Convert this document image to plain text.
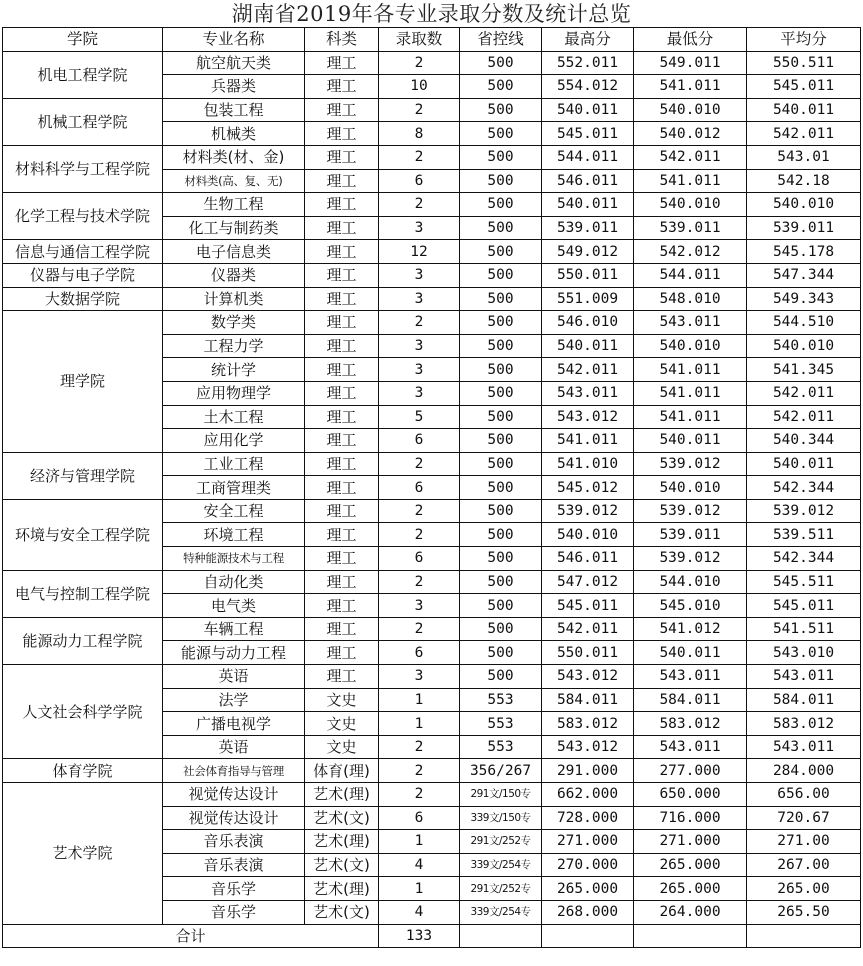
湖南省2019年各专业录取分数及统计总览
学院	专业名称	科类	录取数	省控线	最高分	最低分	平均分
机电工程学院	航空航天类	理工	2	500	552.011	549.011	550.511
	兵器类	理工	10	500	554.012	541.011	545.011
机械工程学院	包装工程	理工	2	500	540.011	540.010	540.011
	机械类	理工	8	500	545.011	540.012	542.011
材料科学与工程学院	材料类(材、金)	理工	2	500	544.011	542.011	543.01
	材料类(高、复、无)	理工	6	500	546.011	541.011	542.18
化学工程与技术学院	生物工程	理工	2	500	540.011	540.010	540.010
	化工与制药类	理工	3	500	539.011	539.011	539.011
信息与通信工程学院	电子信息类	理工	12	500	549.012	542.012	545.178
仪器与电子学院	仪器类	理工	3	500	550.011	544.011	547.344
大数据学院	计算机类	理工	3	500	551.009	548.010	549.343
理学院	数学类	理工	2	500	546.010	543.011	544.510
	工程力学	理工	3	500	540.011	540.010	540.010
	统计学	理工	3	500	542.011	541.011	541.345
	应用物理学	理工	3	500	543.011	541.011	542.011
	土木工程	理工	5	500	543.012	541.011	542.011
	应用化学	理工	6	500	541.011	540.011	540.344
经济与管理学院	工业工程	理工	2	500	541.010	539.012	540.011
	工商管理类	理工	6	500	545.012	540.010	542.344
环境与安全工程学院	安全工程	理工	2	500	539.012	539.012	539.012
	环境工程	理工	2	500	540.010	539.011	539.511
	特种能源技术与工程	理工	6	500	546.011	539.012	542.344
电气与控制工程学院	自动化类	理工	2	500	547.012	544.010	545.511
	电气类	理工	3	500	545.011	545.010	545.011
能源动力工程学院	车辆工程	理工	2	500	542.011	541.012	541.511
	能源与动力工程	理工	6	500	550.011	540.011	543.010
人文社会科学学院	英语	理工	3	500	543.012	543.011	543.011
	法学	文史	1	553	584.011	584.011	584.011
	广播电视学	文史	1	553	583.012	583.012	583.012
	英语	文史	2	553	543.012	543.011	543.011
体育学院	社会体育指导与管理	体育(理)	2	356/267	291.000	277.000	284.000
艺术学院	视觉传达设计	艺术(理)	2	291文/150专	662.000	650.000	656.00
	视觉传达设计	艺术(文)	6	339文/150专	728.000	716.000	720.67
	音乐表演	艺术(理)	1	291文/252专	271.000	271.000	271.00
	音乐表演	艺术(文)	4	339文/254专	270.000	265.000	267.00
	音乐学	艺术(理)	1	291文/252专	265.000	265.000	265.00
	音乐学	艺术(文)	4	339文/254专	268.000	264.000	265.50
合计			133				
